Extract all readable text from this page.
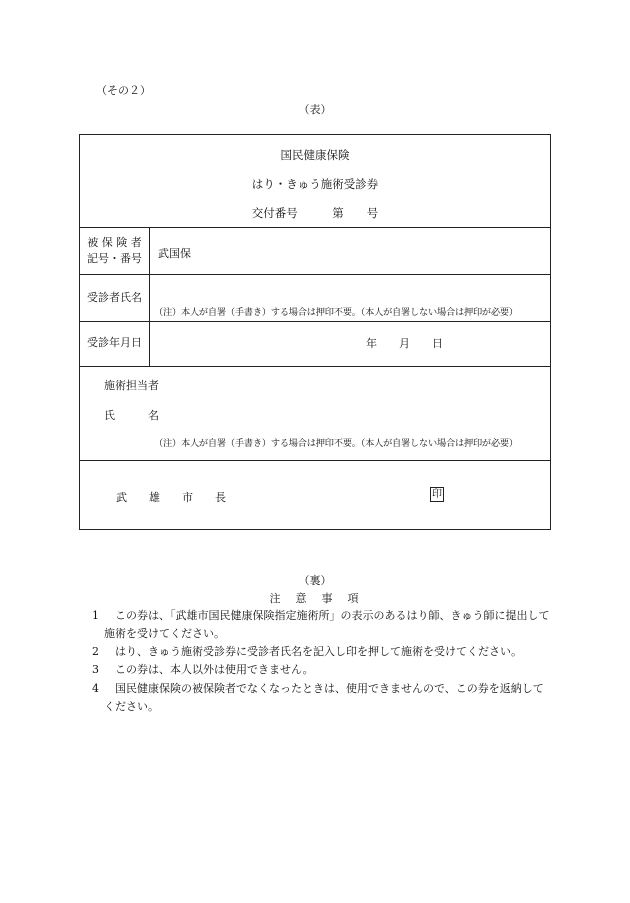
（その２）
（表）
国民健康保険
はり・きゅう施術受診券
交付番号　　　第　　号
被 保 険 者
記号・番号	武国保
受診者氏名
（注）本人が自署（手書き）する場合は押印不要。（本人が自署しない場合は押印が必要）
受診年月日	年　　月　　日
施術担当者
氏　　　名
（注）本人が自署（手書き）する場合は押印不要。（本人が自署しない場合は押印が必要）
武　　雄　　市　　長	印
（裏）
注　意　事　項
1 　この券は、「武雄市国民健康保険指定施術所」の表示のあるはり師、きゅう師に提出して施術を受けてください。
2 　はり、きゅう施術受診券に受診者氏名を記入し印を押して施術を受けてください。
3 　この券は、本人以外は使用できません。
4 　国民健康保険の被保険者でなくなったときは、使用できませんので、この券を返納してください。
